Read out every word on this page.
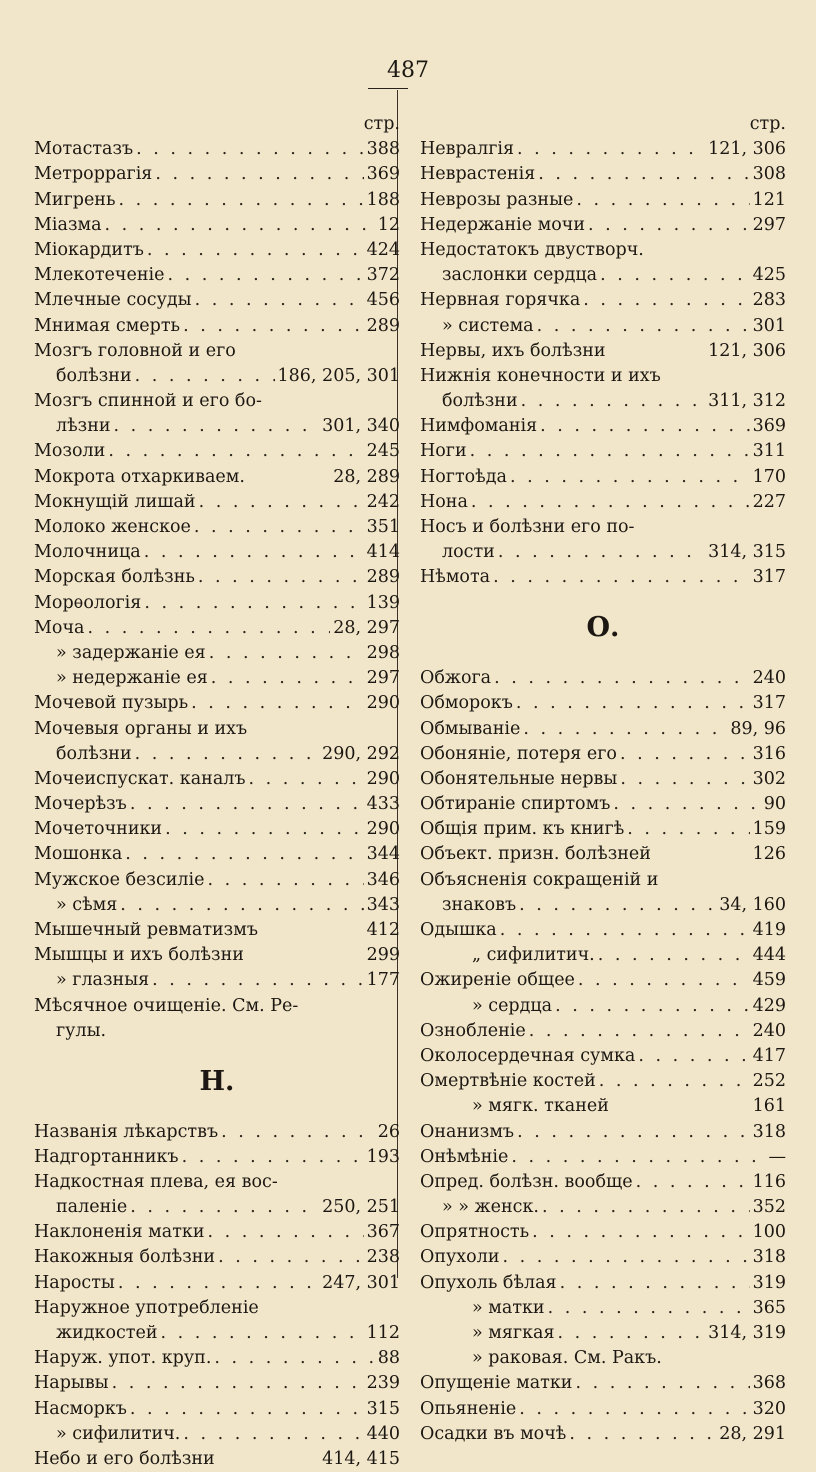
487
стр.
Мотастазъ . . .	388
Метроррагія . . .	369
Мигрень . . .	188
Міазма . . .	12
Міокардитъ . . .	424
Млекотеченіе . . .	372
Млечные сосуды . . .	456
Мнимая смерть . . .	289
Мозгъ головной и его
болѣзни . . .	186, 205, 301
Мозгъ спинной и его бо-
лѣзни . . .	301, 340
Мозоли . . .	245
Мокрота отхаркиваем.	28, 289
Мокнущій лишай . . .	242
Молоко женское . . .	351
Молочница . . .	414
Морская болѣзнь . . .	289
Морѳологія . . .	139
Моча . . .	28, 297
» задержаніе ея . . .	298
» недержаніе ея . . .	297
Мочевой пузырь . . .	290
Мочевыя органы и ихъ
болѣзни . . .	290, 292
Мочеиспускат. каналъ . . .	290
Мочерѣзъ . . .	433
Мочеточники . . .	290
Мошонка . . .	344
Мужское безсиліе . . .	346
» сѣмя . . .	343
Мышечный ревматизмъ	412
Мышцы и ихъ болѣзни	299
» глазныя . . .	177
Мѣсячное очищеніе. См. Ре-
гулы.
Н.
Названія лѣкарствъ . . .	26
Надгортанникъ . . .	193
Надкостная плева, ея вос-
паленіе . . .	250, 251
Наклоненія матки . . .	367
Накожныя болѣзни . . .	238
Наросты . . .	247, 301
Наружное употребленіе
жидкостей . . .	112
Наруж. упот. круп. . . .	88
Нарывы . . .	239
Насморкъ . . .	315
» сифилитич. . . .	440
Небо и его болѣзни	414, 415
стр.
Невралгія . . .	121, 306
Неврастенія . . .	308
Неврозы разные . . .	121
Недержаніе мочи . . .	297
Недостатокъ двустворч.
заслонки сердца . . .	425
Нервная горячка . . .	283
» система . . .	301
Нервы, ихъ болѣзни	121, 306
Нижнія конечности и ихъ
болѣзни . . .	311, 312
Нимфоманія . . .	369
Ноги . . .	311
Ногтоѣда . . .	170
Нона . . .	227
Носъ и болѣзни его по-
лости . . .	314, 315
Нѣмота . . .	317
О.
Обжога . . .	240
Обморокъ . . .	317
Обмываніе . . .	89, 96
Обоняніе, потеря его . . .	316
Обонятельные нервы . . .	302
Обтираніе спиртомъ . . .	90
Общія прим. къ книгѣ . . .	159
Объект. призн. болѣзней	126
Объясненія сокращеній и
знаковъ . . .	34, 160
Одышка . . .	419
„ сифилитич. . . .	444
Ожиреніе общее . . .	459
» сердца . . .	429
Ознобленіе . . .	240
Околосердечная сумка . . .	417
Омертвѣніе костей . . .	252
» мягк. тканей	161
Онанизмъ . . .	318
Онѣмѣніе . . .	—
Опред. болѣзн. вообще . . .	116
» » женск. . . .	352
Опрятность . . .	100
Опухоли . . .	318
Опухоль бѣлая . . .	319
» матки . . .	365
» мягкая . . .	314, 319
» раковая. См. Ракъ.
Опущеніе матки . . .	368
Опьяненіе . . .	320
Осадки въ мочѣ . . .	28, 291
